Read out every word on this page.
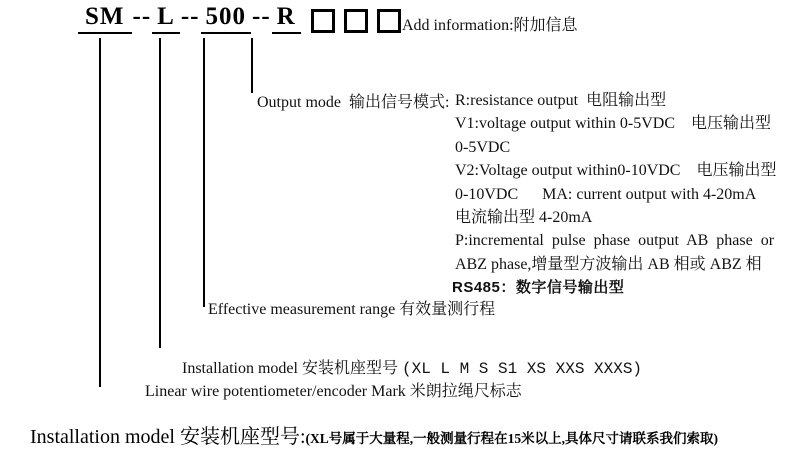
SM -- L -- 500 -- R
	Add information:附加信息
Output mode  输出信号模式: R:resistance output  电阻输出型
V1:voltage output within 0-5VDC    电压输出型
0-5VDC
V2:Voltage output within0-10VDC    电压输出型
0-10VDC      MA: current output with 4-20mA
电流输出型 4-20mA
P:incremental  pulse  phase  output  AB  phase  or
ABZ phase,增量型方波输出 AB 相或 ABZ 相
RS485：数字信号输出型
Effective measurement range 有效量测行程

Installation model 安装机座型号 (XL L M S S1 XS XXS XXXS)

Linear wire potentiometer/encoder Mark 米朗拉绳尺标志
Installation model 安装机座型号:(XL号属于大量程,一般测量行程在15米以上,具体尺寸请联系我们索取)
